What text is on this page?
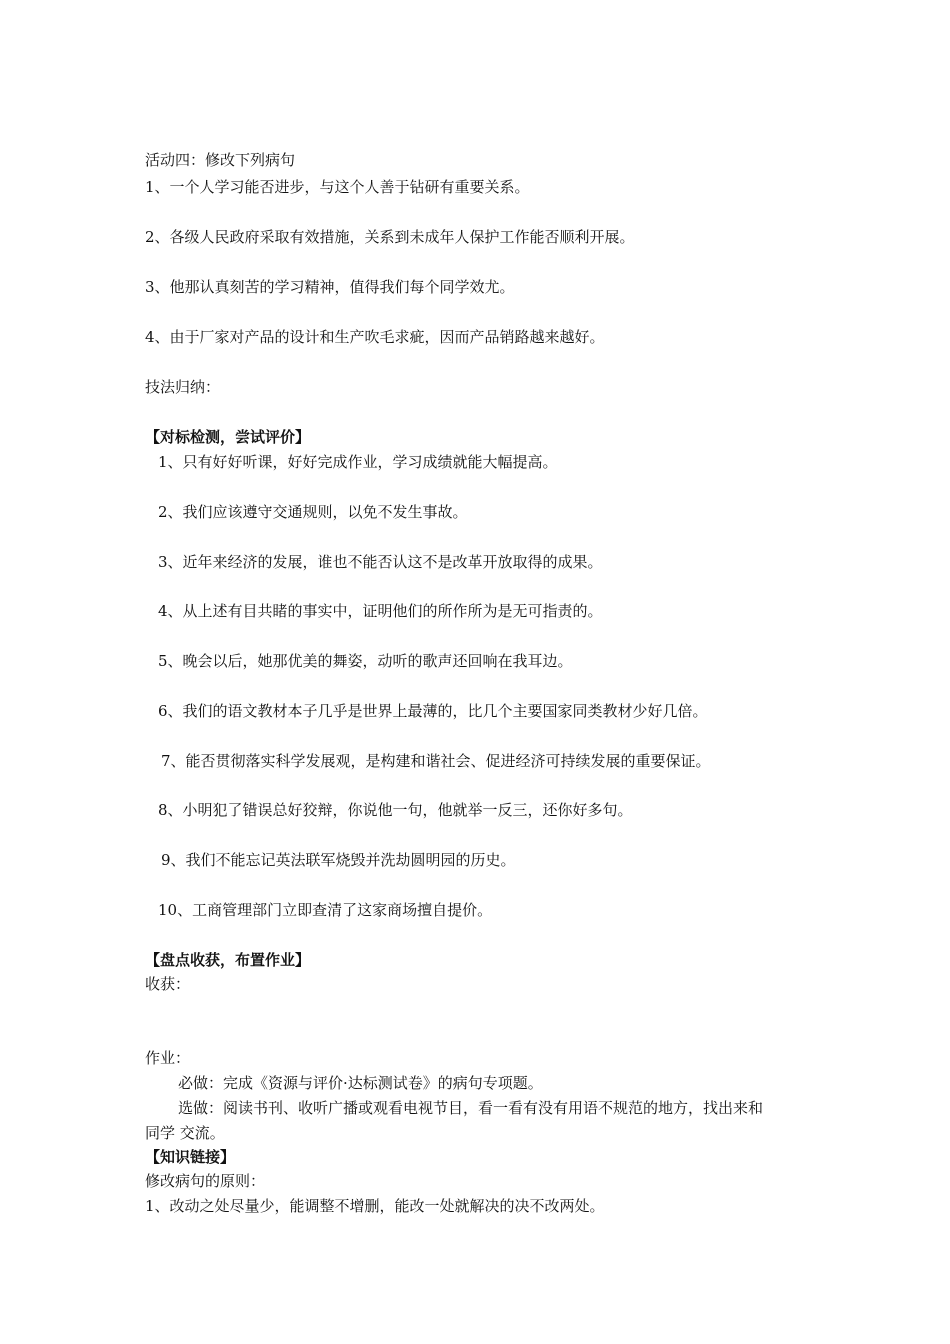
活动四：修改下列病句
1、一个人学习能否进步，与这个人善于钻研有重要关系。
2、各级人民政府采取有效措施，关系到未成年人保护工作能否顺利开展。
3、他那认真刻苦的学习精神，值得我们每个同学效尤。
4、由于厂家对产品的设计和生产吹毛求疵，因而产品销路越来越好。
技法归纳：
【对标检测，尝试评价】
1、只有好好听课，好好完成作业，学习成绩就能大幅提高。
2、我们应该遵守交通规则，以免不发生事故。
3、近年来经济的发展，谁也不能否认这不是改革开放取得的成果。
4、从上述有目共睹的事实中，证明他们的所作所为是无可指责的。
5、晚会以后，她那优美的舞姿，动听的歌声还回响在我耳边。
6、我们的语文教材本子几乎是世界上最薄的，比几个主要国家同类教材少好几倍。
7、能否贯彻落实科学发展观，是构建和谐社会、促进经济可持续发展的重要保证。
8、小明犯了错误总好狡辩，你说他一句，他就举一反三，还你好多句。
9、我们不能忘记英法联军烧毁并洗劫圆明园的历史。
10、工商管理部门立即查清了这家商场擅自提价。
【盘点收获，布置作业】
收获：
作业：
必做：完成《资源与评价·达标测试卷》的病句专项题。
选做：阅读书刊、收听广播或观看电视节目，看一看有没有用语不规范的地方，找出来和
同学 交流。
【知识链接】
修改病句的原则：
1、改动之处尽量少，能调整不增删，能改一处就解决的决不改两处。
